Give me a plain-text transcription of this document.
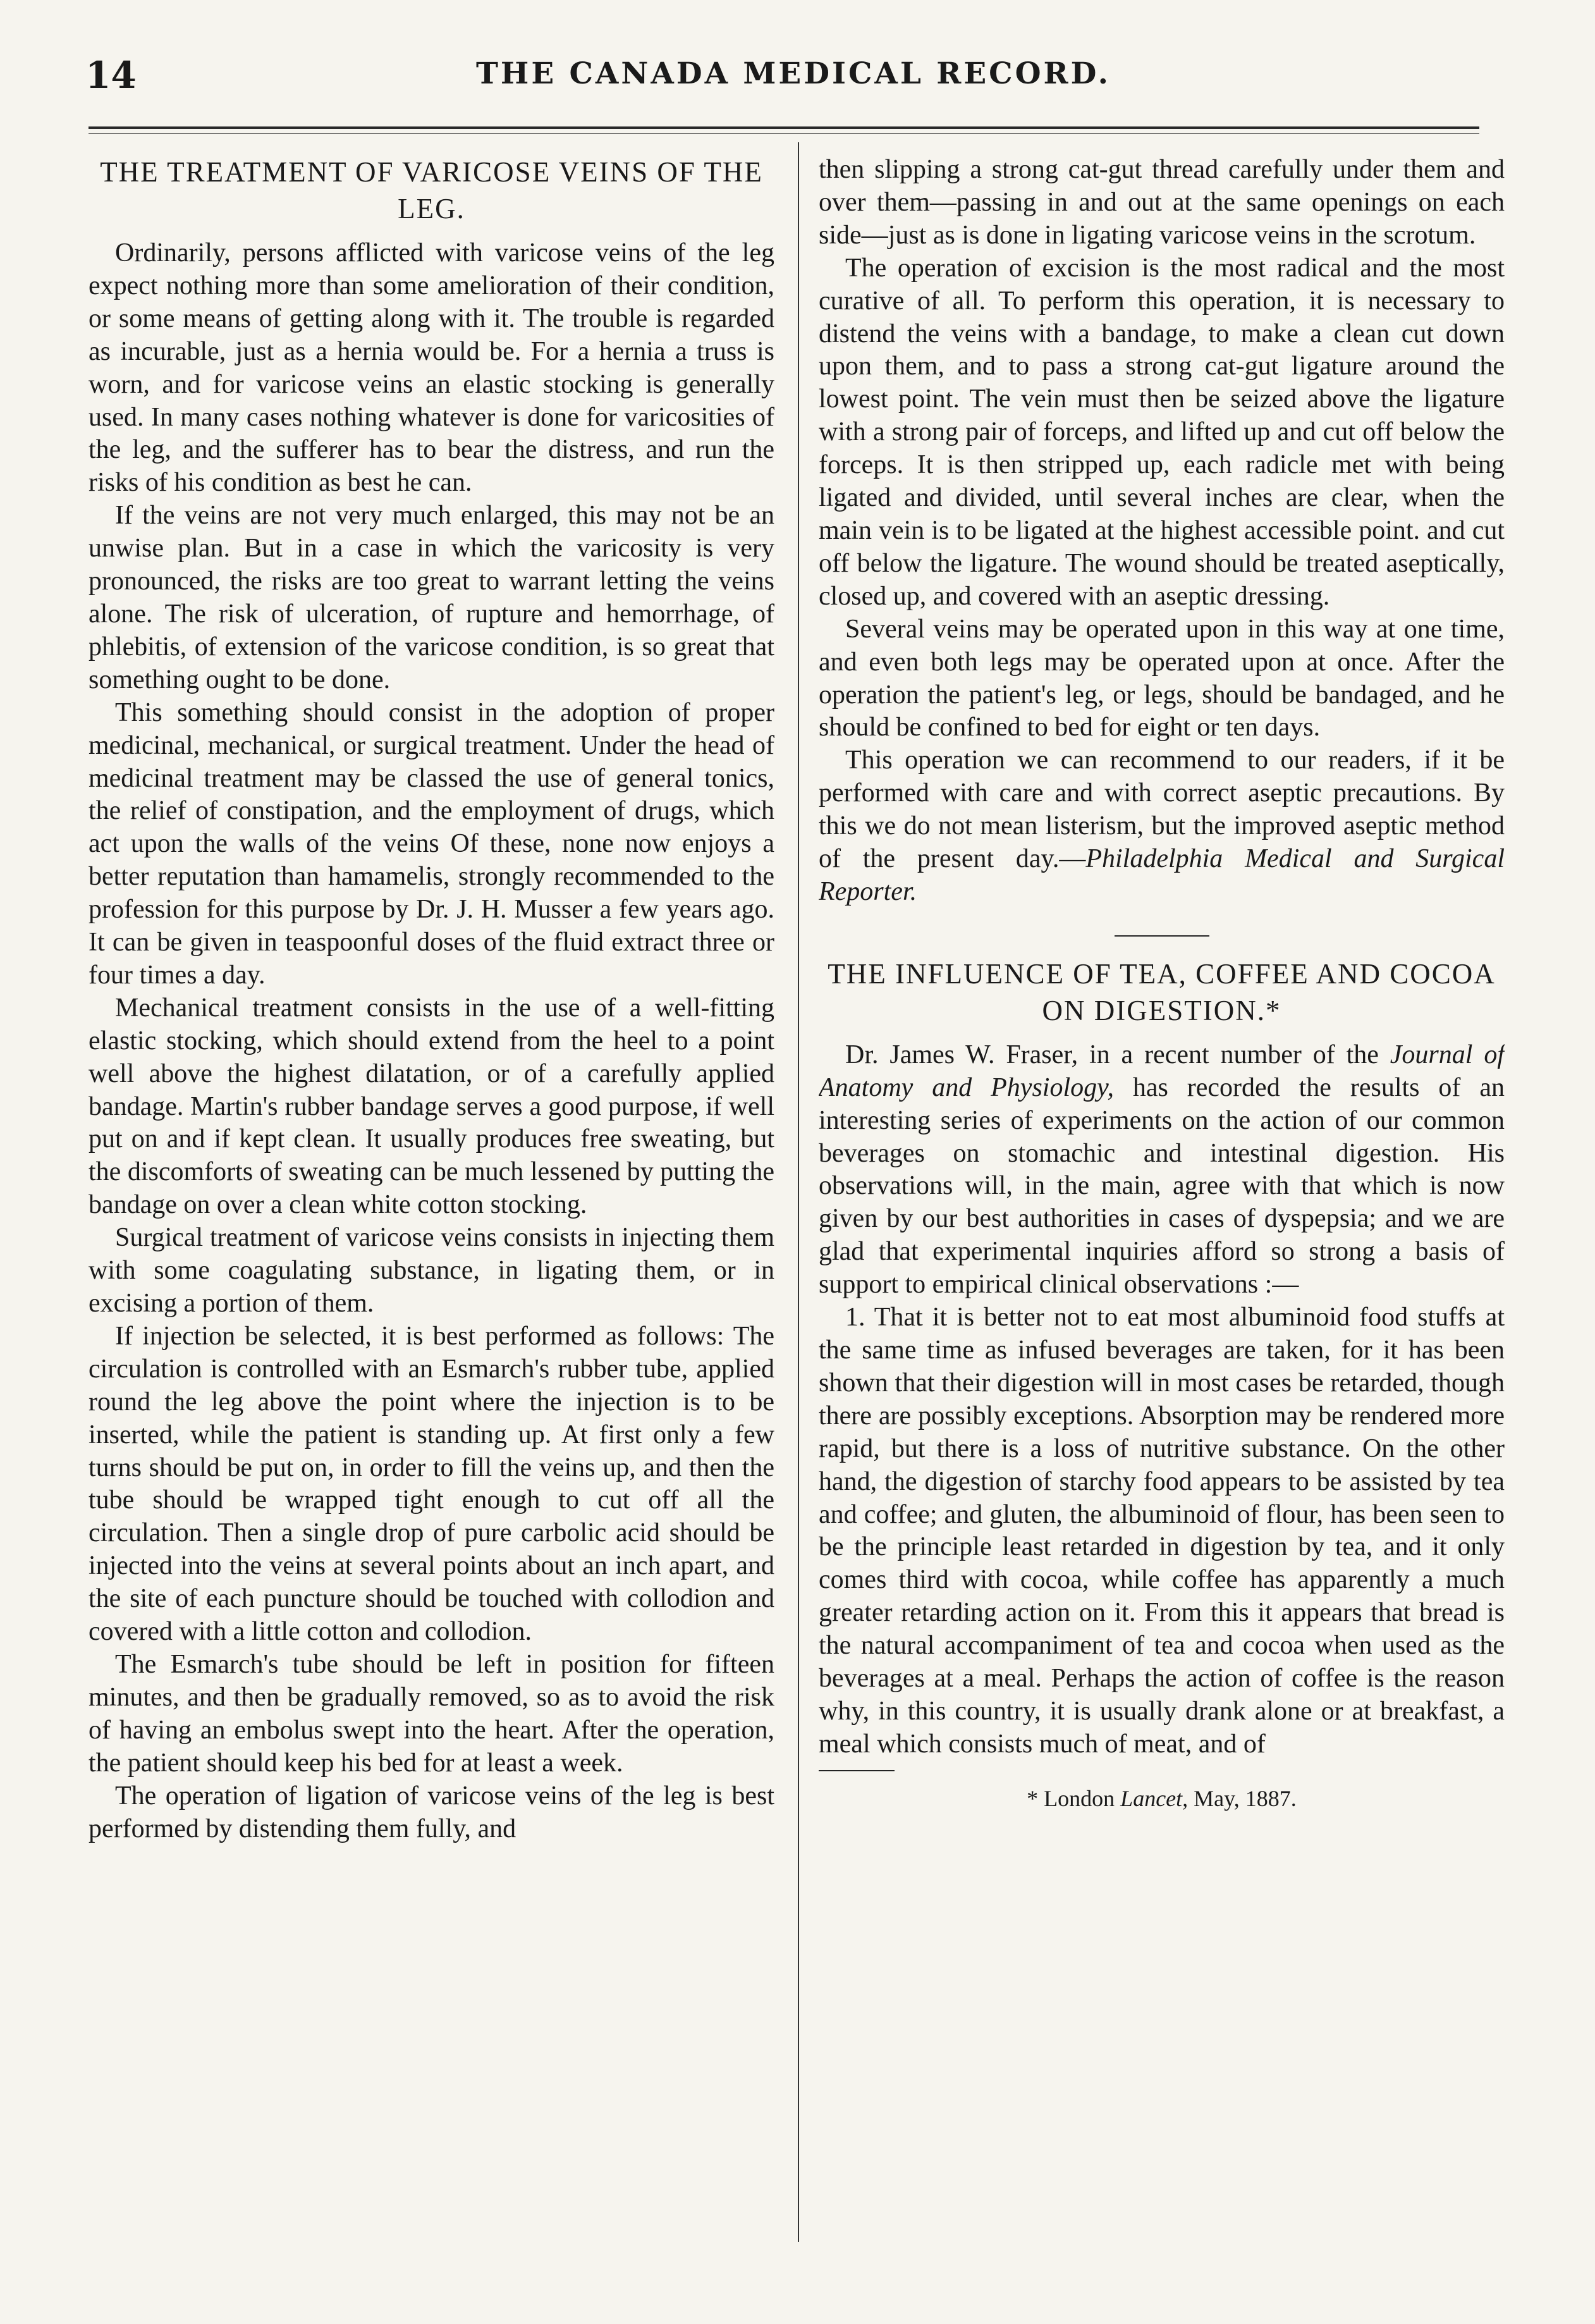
14	THE CANADA MEDICAL RECORD.
THE TREATMENT OF VARICOSE VEINS OF THE LEG.

Ordinarily, persons afflicted with varicose veins of the leg expect nothing more than some amelioration of their condition, or some means of getting along with it. The trouble is regarded as incurable, just as a hernia would be. For a hernia a truss is worn, and for varicose veins an elastic stocking is generally used. In many cases nothing whatever is done for varicosities of the leg, and the sufferer has to bear the distress, and run the risks of his condition as best he can.

If the veins are not very much enlarged, this may not be an unwise plan. But in a case in which the varicosity is very pronounced, the risks are too great to warrant letting the veins alone. The risk of ulceration, of rupture and hemorrhage, of phlebitis, of extension of the varicose condition, is so great that something ought to be done.

This something should consist in the adoption of proper medicinal, mechanical, or surgical treatment. Under the head of medicinal treatment may be classed the use of general tonics, the relief of constipation, and the employment of drugs, which act upon the walls of the veins Of these, none now enjoys a better reputation than hamamelis, strongly recommended to the profession for this purpose by Dr. J. H. Musser a few years ago. It can be given in teaspoonful doses of the fluid extract three or four times a day.

Mechanical treatment consists in the use of a well-fitting elastic stocking, which should extend from the heel to a point well above the highest dilatation, or of a carefully applied bandage. Martin's rubber bandage serves a good purpose, if well put on and if kept clean. It usually produces free sweating, but the discomforts of sweating can be much lessened by putting the bandage on over a clean white cotton stocking.

Surgical treatment of varicose veins consists in injecting them with some coagulating substance, in ligating them, or in excising a portion of them.

If injection be selected, it is best performed as follows: The circulation is controlled with an Esmarch's rubber tube, applied round the leg above the point where the injection is to be inserted, while the patient is standing up. At first only a few turns should be put on, in order to fill the veins up, and then the tube should be wrapped tight enough to cut off all the circulation. Then a single drop of pure carbolic acid should be injected into the veins at several points about an inch apart, and the site of each puncture should be touched with collodion and covered with a little cotton and collodion.

The Esmarch's tube should be left in position for fifteen minutes, and then be gradually removed, so as to avoid the risk of having an embolus swept into the heart. After the operation, the patient should keep his bed for at least a week.

The operation of ligation of varicose veins of the leg is best performed by distending them fully, and

then slipping a strong cat-gut thread carefully under them and over them—passing in and out at the same openings on each side—just as is done in ligating varicose veins in the scrotum.

The operation of excision is the most radical and the most curative of all. To perform this operation, it is necessary to distend the veins with a bandage, to make a clean cut down upon them, and to pass a strong cat-gut ligature around the lowest point. The vein must then be seized above the ligature with a strong pair of forceps, and lifted up and cut off below the forceps. It is then stripped up, each radicle met with being ligated and divided, until several inches are clear, when the main vein is to be ligated at the highest accessible point. and cut off below the ligature. The wound should be treated aseptically, closed up, and covered with an aseptic dressing.

Several veins may be operated upon in this way at one time, and even both legs may be operated upon at once. After the operation the patient's leg, or legs, should be bandaged, and he should be confined to bed for eight or ten days.

This operation we can recommend to our readers, if it be performed with care and with correct aseptic precautions. By this we do not mean listerism, but the improved aseptic method of the present day.—Philadelphia Medical and Surgical Reporter.

THE INFLUENCE OF TEA, COFFEE AND COCOA ON DIGESTION.*

Dr. James W. Fraser, in a recent number of the Journal of Anatomy and Physiology, has recorded the results of an interesting series of experiments on the action of our common beverages on stomachic and intestinal digestion. His observations will, in the main, agree with that which is now given by our best authorities in cases of dyspepsia; and we are glad that experimental inquiries afford so strong a basis of support to empirical clinical observations :—

1. That it is better not to eat most albuminoid food stuffs at the same time as infused beverages are taken, for it has been shown that their digestion will in most cases be retarded, though there are possibly exceptions. Absorption may be rendered more rapid, but there is a loss of nutritive substance. On the other hand, the digestion of starchy food appears to be assisted by tea and coffee; and gluten, the albuminoid of flour, has been seen to be the principle least retarded in digestion by tea, and it only comes third with cocoa, while coffee has apparently a much greater retarding action on it. From this it appears that bread is the natural accompaniment of tea and cocoa when used as the beverages at a meal. Perhaps the action of coffee is the reason why, in this country, it is usually drank alone or at breakfast, a meal which consists much of meat, and of

* London Lancet, May, 1887.
